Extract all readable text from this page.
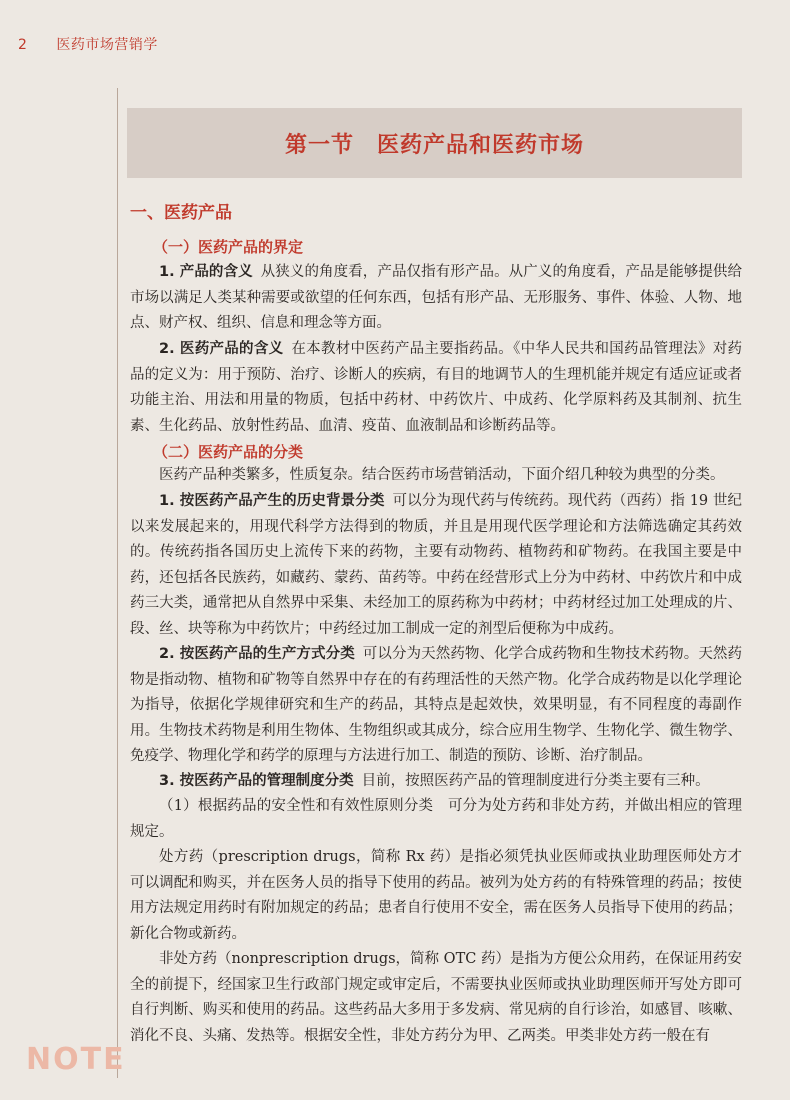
2 医药市场营销学
第一节　医药产品和医药市场
一、医药产品
（一）医药产品的界定
1. 产品的含义 从狭义的角度看，产品仅指有形产品。从广义的角度看，产品是能够提供给市场以满足人类某种需要或欲望的任何东西，包括有形产品、无形服务、事件、体验、人物、地点、财产权、组织、信息和理念等方面。
2. 医药产品的含义 在本教材中医药产品主要指药品。《中华人民共和国药品管理法》对药品的定义为：用于预防、治疗、诊断人的疾病，有目的地调节人的生理机能并规定有适应证或者功能主治、用法和用量的物质，包括中药材、中药饮片、中成药、化学原料药及其制剂、抗生素、生化药品、放射性药品、血清、疫苗、血液制品和诊断药品等。
（二）医药产品的分类
医药产品种类繁多，性质复杂。结合医药市场营销活动，下面介绍几种较为典型的分类。
1. 按医药产品产生的历史背景分类 可以分为现代药与传统药。现代药（西药）指 19 世纪以来发展起来的，用现代科学方法得到的物质，并且是用现代医学理论和方法筛选确定其药效的。传统药指各国历史上流传下来的药物，主要有动物药、植物药和矿物药。在我国主要是中药，还包括各民族药，如藏药、蒙药、苗药等。中药在经营形式上分为中药材、中药饮片和中成药三大类，通常把从自然界中采集、未经加工的原药称为中药材；中药材经过加工处理成的片、段、丝、块等称为中药饮片；中药经过加工制成一定的剂型后便称为中成药。
2. 按医药产品的生产方式分类 可以分为天然药物、化学合成药物和生物技术药物。天然药物是指动物、植物和矿物等自然界中存在的有药理活性的天然产物。化学合成药物是以化学理论为指导，依据化学规律研究和生产的药品，其特点是起效快，效果明显，有不同程度的毒副作用。生物技术药物是利用生物体、生物组织或其成分，综合应用生物学、生物化学、微生物学、免疫学、物理化学和药学的原理与方法进行加工、制造的预防、诊断、治疗制品。
3. 按医药产品的管理制度分类 目前，按照医药产品的管理制度进行分类主要有三种。
（1）根据药品的安全性和有效性原则分类　可分为处方药和非处方药，并做出相应的管理规定。
处方药（prescription drugs，简称 Rx 药）是指必须凭执业医师或执业助理医师处方才可以调配和购买，并在医务人员的指导下使用的药品。被列为处方药的有特殊管理的药品；按使用方法规定用药时有附加规定的药品；患者自行使用不安全，需在医务人员指导下使用的药品；新化合物或新药。
非处方药（nonprescription drugs，简称 OTC 药）是指为方便公众用药，在保证用药安全的前提下，经国家卫生行政部门规定或审定后，不需要执业医师或执业助理医师开写处方即可自行判断、购买和使用的药品。这些药品大多用于多发病、常见病的自行诊治，如感冒、咳嗽、消化不良、头痛、发热等。根据安全性，非处方药分为甲、乙两类。甲类非处方药一般在有
NOTE
